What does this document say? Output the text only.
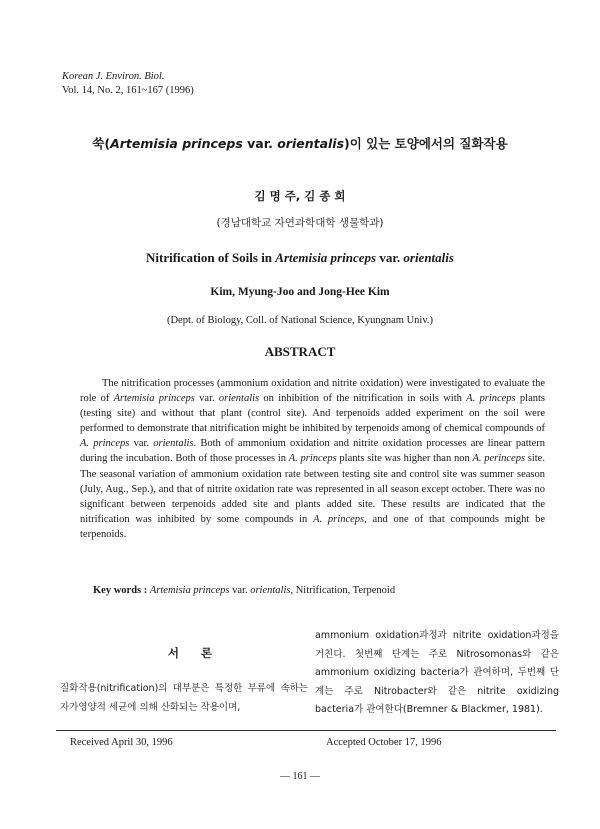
Korean J. Environ. Biol.
Vol. 14, No. 2, 161~167 (1996)
쑥(Artemisia princeps var. orientalis)이 있는 토양에서의 질화작용
김 명 주, 김 종 희
(경남대학교 자연과학대학 생물학과)
Nitrification of Soils in Artemisia princeps var. orientalis
Kim, Myung-Joo and Jong-Hee Kim
(Dept. of Biology, Coll. of National Science, Kyungnam Univ.)
ABSTRACT

The nitrification processes (ammonium oxidation and nitrite oxidation) were investigated to evaluate the role of Artemisia princeps var. orientalis on inhibition of the nitrification in soils with A. princeps plants (testing site) and without that plant (control site). And terpenoids added experiment on the soil were performed to demonstrate that nitrification might be inhibited by terpenoids among of chemical compounds of A. princeps var. orientalis. Both of ammonium oxidation and nitrite oxidation processes are linear pattern during the incubation. Both of those processes in A. princeps plants site was higher than non A. perinceps site. The seasonal variation of ammonium oxidation rate between testing site and control site was summer season (July, Aug., Sep.), and that of nitrite oxidation rate was represented in all season except october. There was no significant between terpenoids added site and plants added site. These results are indicated that the nitrification was inhibited by some compounds in A. princeps, and one of that compounds might be terpenoids.

Key words : Artemisia princeps var. orientalis, Nitrification, Terpenoid
서 론

질화작용(nitrification)의 대부분은 특정한 부류에 속하는 자가영양적 세균에 의해 산화되는 작용이며,

ammonium oxidation과정과 nitrite oxidation과정을 거친다. 첫번째 단계는 주로 Nitrosomonas와 같은 ammonium oxidizing bacteria가 관여하며, 두번째 단계는 주로 Nitrobacter와 같은 nitrite oxidizing bacteria가 관여한다(Bremner & Blackmer, 1981).

Received April 30, 1996	Accepted October 17, 1996
— 161 —
